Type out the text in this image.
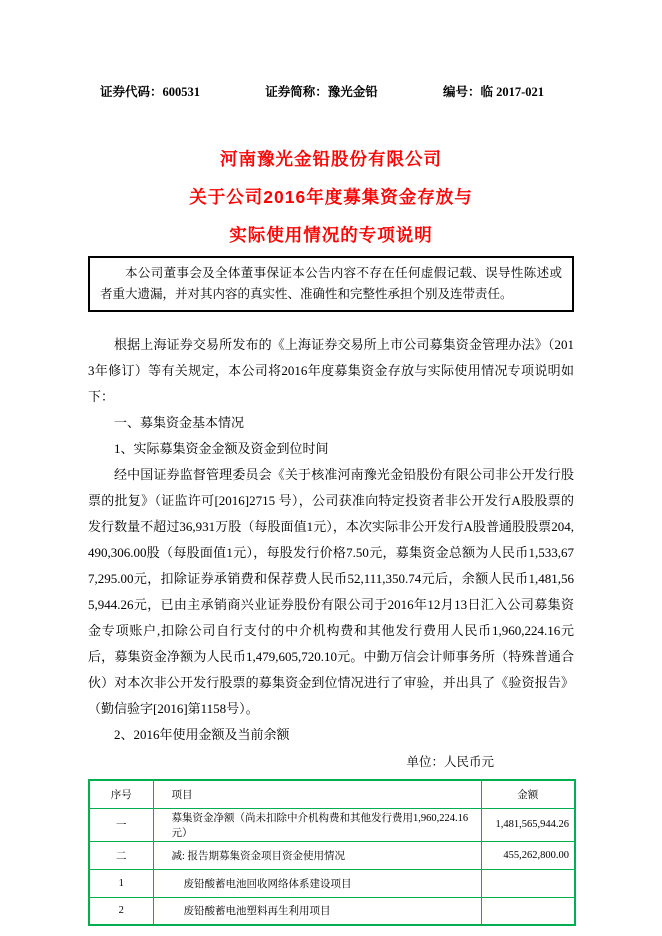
证券代码：600531	证券简称：豫光金铅	编号：临 2017-021

河南豫光金铅股份有限公司

关于公司2016年度募集资金存放与

实际使用情况的专项说明

本公司董事会及全体董事保证本公告内容不存在任何虚假记载、误导性陈述或者重大遗漏，并对其内容的真实性、准确性和完整性承担个别及连带责任。

根据上海证券交易所发布的《上海证券交易所上市公司募集资金管理办法》（2013年修订）等有关规定，本公司将2016年度募集资金存放与实际使用情况专项说明如下：

一、募集资金基本情况

1、实际募集资金金额及资金到位时间

经中国证券监督管理委员会《关于核准河南豫光金铅股份有限公司非公开发行股票的批复》（证监许可[2016]2715 号），公司获准向特定投资者非公开发行A股股票的发行数量不超过36,931万股（每股面值1元），本次实际非公开发行A股普通股股票204,490,306.00股（每股面值1元），每股发行价格7.50元，募集资金总额为人民币1,533,677,295.00元，扣除证券承销费和保荐费人民币52,111,350.74元后，余额人民币1,481,565,944.26元，已由主承销商兴业证券股份有限公司于2016年12月13日汇入公司募集资金专项账户,扣除公司自行支付的中介机构费和其他发行费用人民币1,960,224.16元后，募集资金净额为人民币1,479,605,720.10元。中勤万信会计师事务所（特殊普通合伙）对本次非公开发行股票的募集资金到位情况进行了审验，并出具了《验资报告》（勤信验字[2016]第1158号）。

2、2016年使用金额及当前余额

单位：人民币元
序号	项目	金额
一	募集资金净额（尚未扣除中介机构费和其他发行费用1,960,224.16元）	1,481,565,944.26
二	减: 报告期募集资金项目资金使用情况	455,262,800.00
1	废铅酸蓄电池回收网络体系建设项目	
2	废铅酸蓄电池塑料再生利用项目	
